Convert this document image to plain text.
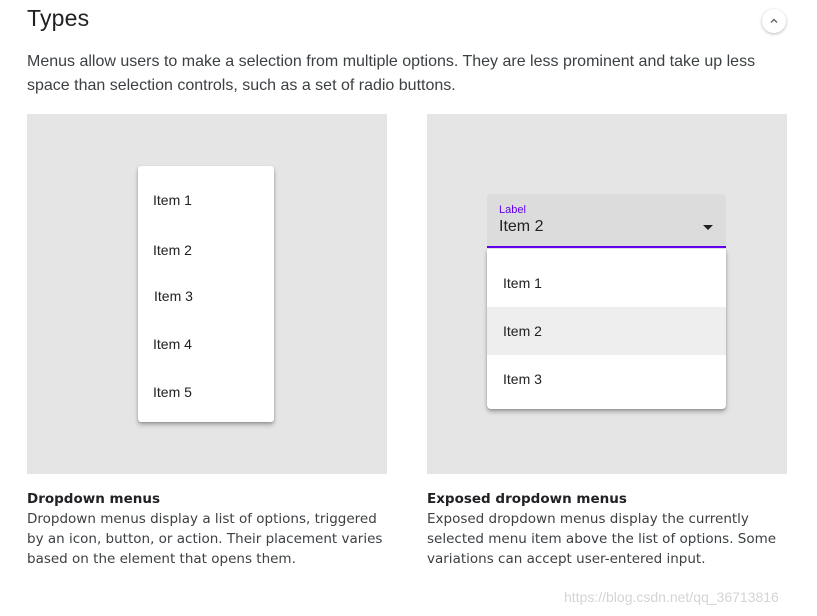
Types
Menus allow users to make a selection from multiple options. They are less prominent and take up less space than selection controls, such as a set of radio buttons.
Item 1
Item 2
Item 3
Item 4
Item 5
Label
Item 2
Item 1
Item 2
Item 3
Dropdown menus
Dropdown menus display a list of options, triggered by an icon, button, or action. Their placement varies based on the element that opens them.
Exposed dropdown menus
Exposed dropdown menus display the currently selected menu item above the list of options. Some variations can accept user-entered input.
https://blog.csdn.net/qq_36713816
